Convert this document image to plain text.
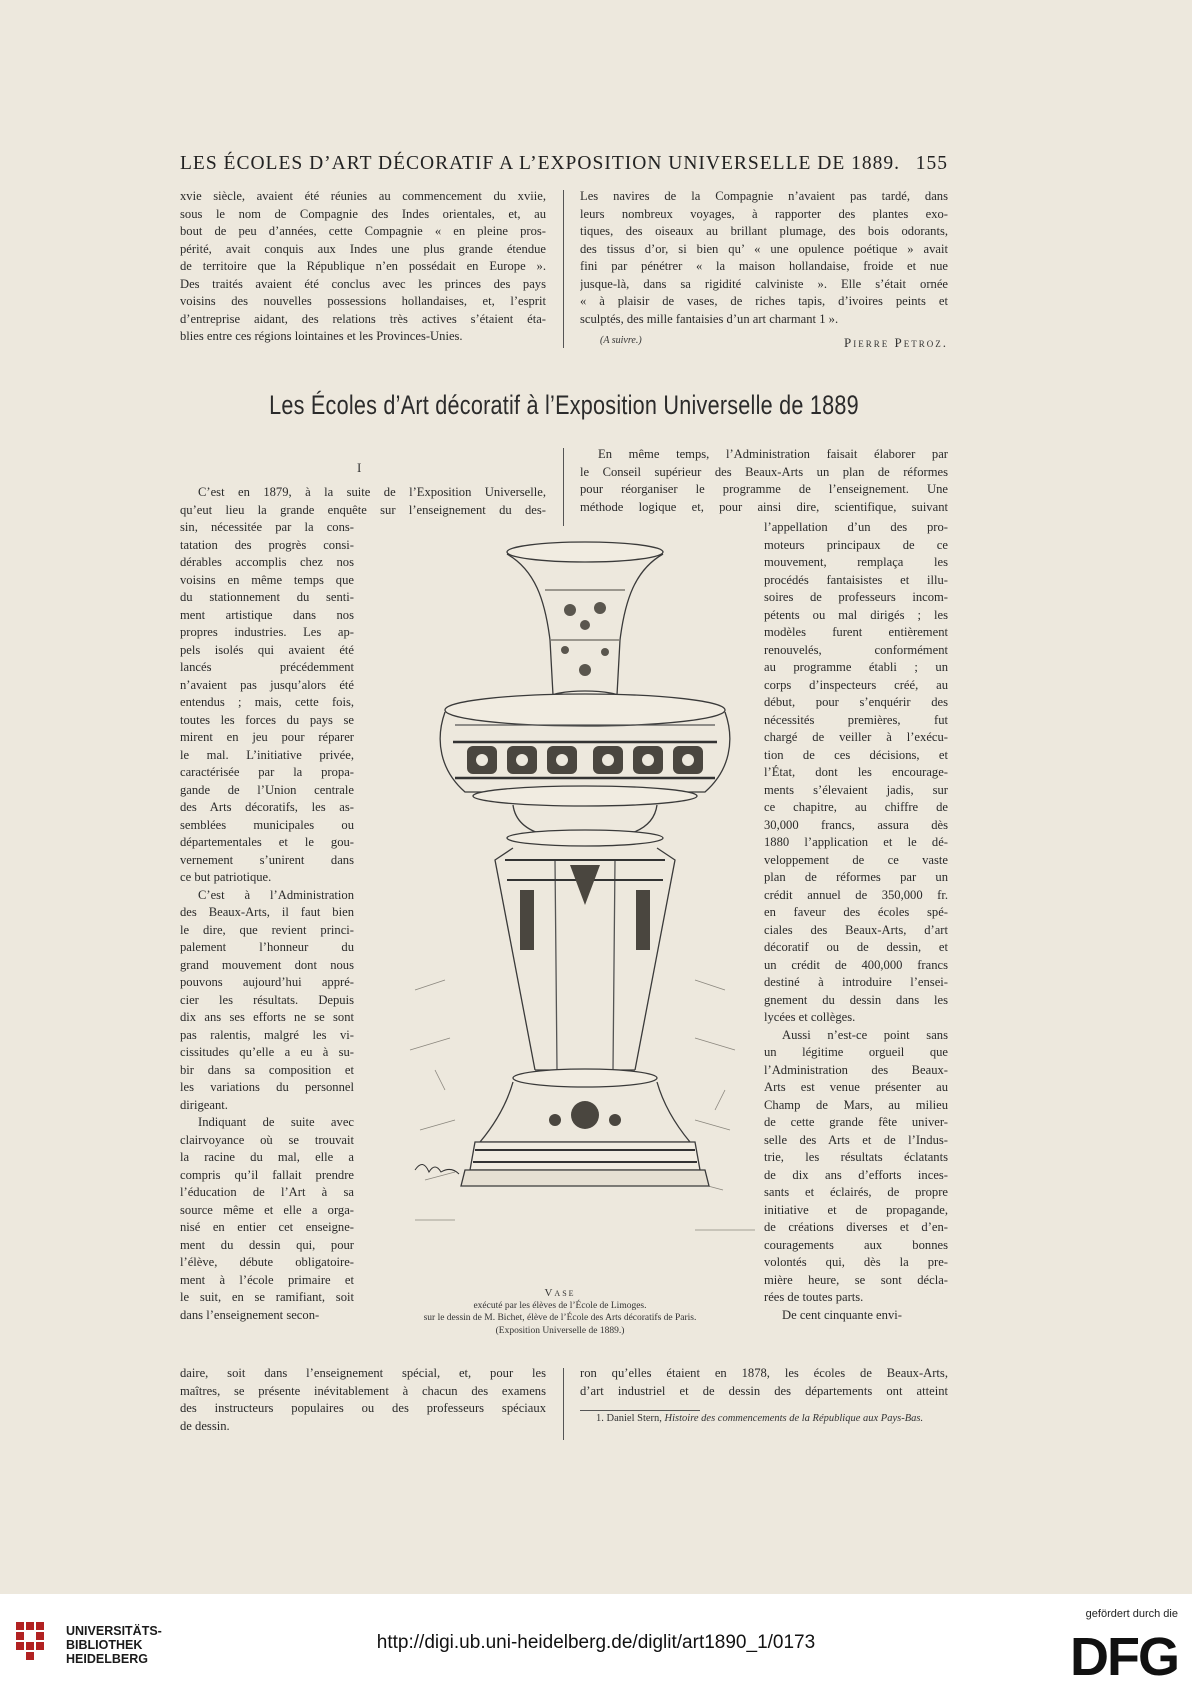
LES ÉCOLES D’ART DÉCORATIF A L’EXPOSITION UNIVERSELLE DE 1889. 155
xvie siècle, avaient été réunies au commencement du xviie,
sous le nom de Compagnie des Indes orientales, et, au
bout de peu d’années, cette Compagnie « en pleine pros-
périté, avait conquis aux Indes une plus grande étendue
de territoire que la République n’en possédait en Europe ».
Des traités avaient été conclus avec les princes des pays
voisins des nouvelles possessions hollandaises, et, l’esprit
d’entreprise aidant, des relations très actives s’étaient éta-
blies entre ces régions lointaines et les Provinces-Unies.
Les navires de la Compagnie n’avaient pas tardé, dans
leurs nombreux voyages, à rapporter des plantes exo-
tiques, des oiseaux au brillant plumage, des bois odorants,
des tissus d’or, si bien qu’ « une opulence poétique » avait
fini par pénétrer « la maison hollandaise, froide et nue
jusque-là, dans sa rigidité calviniste ». Elle s’était ornée
« à plaisir de vases, de riches tapis, d’ivoires peints et
sculptés, des mille fantaisies d’un art charmant 1 ».
(A suivre.)	Pierre Petroz.
Les Écoles d’Art décoratif à l’Exposition Universelle de 1889
I
C’est en 1879, à la suite de l’Exposition Universelle,
qu’eut lieu la grande enquête sur l’enseignement du des-
sin, nécessitée par la cons-
tatation des progrès consi-
dérables accomplis chez nos
voisins en même temps que
du stationnement du senti-
ment artistique dans nos
propres industries. Les ap-
pels isolés qui avaient été
lancés précédemment
n’avaient pas jusqu’alors été
entendus ; mais, cette fois,
toutes les forces du pays se
mirent en jeu pour réparer
le mal. L’initiative privée,
caractérisée par la propa-
gande de l’Union centrale
des Arts décoratifs, les as-
semblées municipales ou
départementales et le gou-
vernement s’unirent dans
ce but patriotique.
C’est à l’Administration
des Beaux-Arts, il faut bien
le dire, que revient princi-
palement l’honneur du
grand mouvement dont nous
pouvons aujourd’hui appré-
cier les résultats. Depuis
dix ans ses efforts ne se sont
pas ralentis, malgré les vi-
cissitudes qu’elle a eu à su-
bir dans sa composition et
les variations du personnel
dirigeant.
Indiquant de suite avec
clairvoyance où se trouvait
la racine du mal, elle a
compris qu’il fallait prendre
l’éducation de l’Art à sa
source même et elle a orga-
nisé en entier cet enseigne-
ment du dessin qui, pour
l’élève, débute obligatoire-
ment à l’école primaire et
le suit, en se ramifiant, soit
dans l’enseignement secon-
daire, soit dans l’enseignement spécial, et, pour les
maîtres, se présente inévitablement à chacun des examens
des instructeurs populaires ou des professeurs spéciaux
de dessin.
En même temps, l’Administration faisait élaborer par
le Conseil supérieur des Beaux-Arts un plan de réformes
pour réorganiser le programme de l’enseignement. Une
méthode logique et, pour ainsi dire, scientifique, suivant
l’appellation d’un des pro-
moteurs principaux de ce
mouvement, remplaça les
procédés fantaisistes et illu-
soires de professeurs incom-
pétents ou mal dirigés ; les
modèles furent entièrement
renouvelés, conformément
au programme établi ; un
corps d’inspecteurs créé, au
début, pour s’enquérir des
nécessités premières, fut
chargé de veiller à l’exécu-
tion de ces décisions, et
l’État, dont les encourage-
ments s’élevaient jadis, sur
ce chapitre, au chiffre de
30,000 francs, assura dès
1880 l’application et le dé-
veloppement de ce vaste
plan de réformes par un
crédit annuel de 350,000 fr.
en faveur des écoles spé-
ciales des Beaux-Arts, d’art
décoratif ou de dessin, et
un crédit de 400,000 francs
destiné à introduire l’ensei-
gnement du dessin dans les
lycées et collèges.
Aussi n’est-ce point sans
un légitime orgueil que
l’Administration des Beaux-
Arts est venue présenter au
Champ de Mars, au milieu
de cette grande fête univer-
selle des Arts et de l’Indus-
trie, les résultats éclatants
de dix ans d’efforts inces-
sants et éclairés, de propre
initiative et de propagande,
de créations diverses et d’en-
couragements aux bonnes
volontés qui, dès la pre-
mière heure, se sont décla-
rées de toutes parts.
De cent cinquante envi-
ron qu’elles étaient en 1878, les écoles de Beaux-Arts,
d’art industriel et de dessin des départements ont atteint
Vase
exécuté par les élèves de l’École de Limoges.
sur le dessin de M. Bichet, élève de l’École des Arts décoratifs de Paris.
(Exposition Universelle de 1889.)
1. Daniel Stern, Histoire des commencements de la République aux Pays-Bas.
UNIVERSITÄTS-
BIBLIOTHEK
HEIDELBERG
http://digi.ub.uni-heidelberg.de/diglit/art1890_1/0173
gefördert durch die
DFG
